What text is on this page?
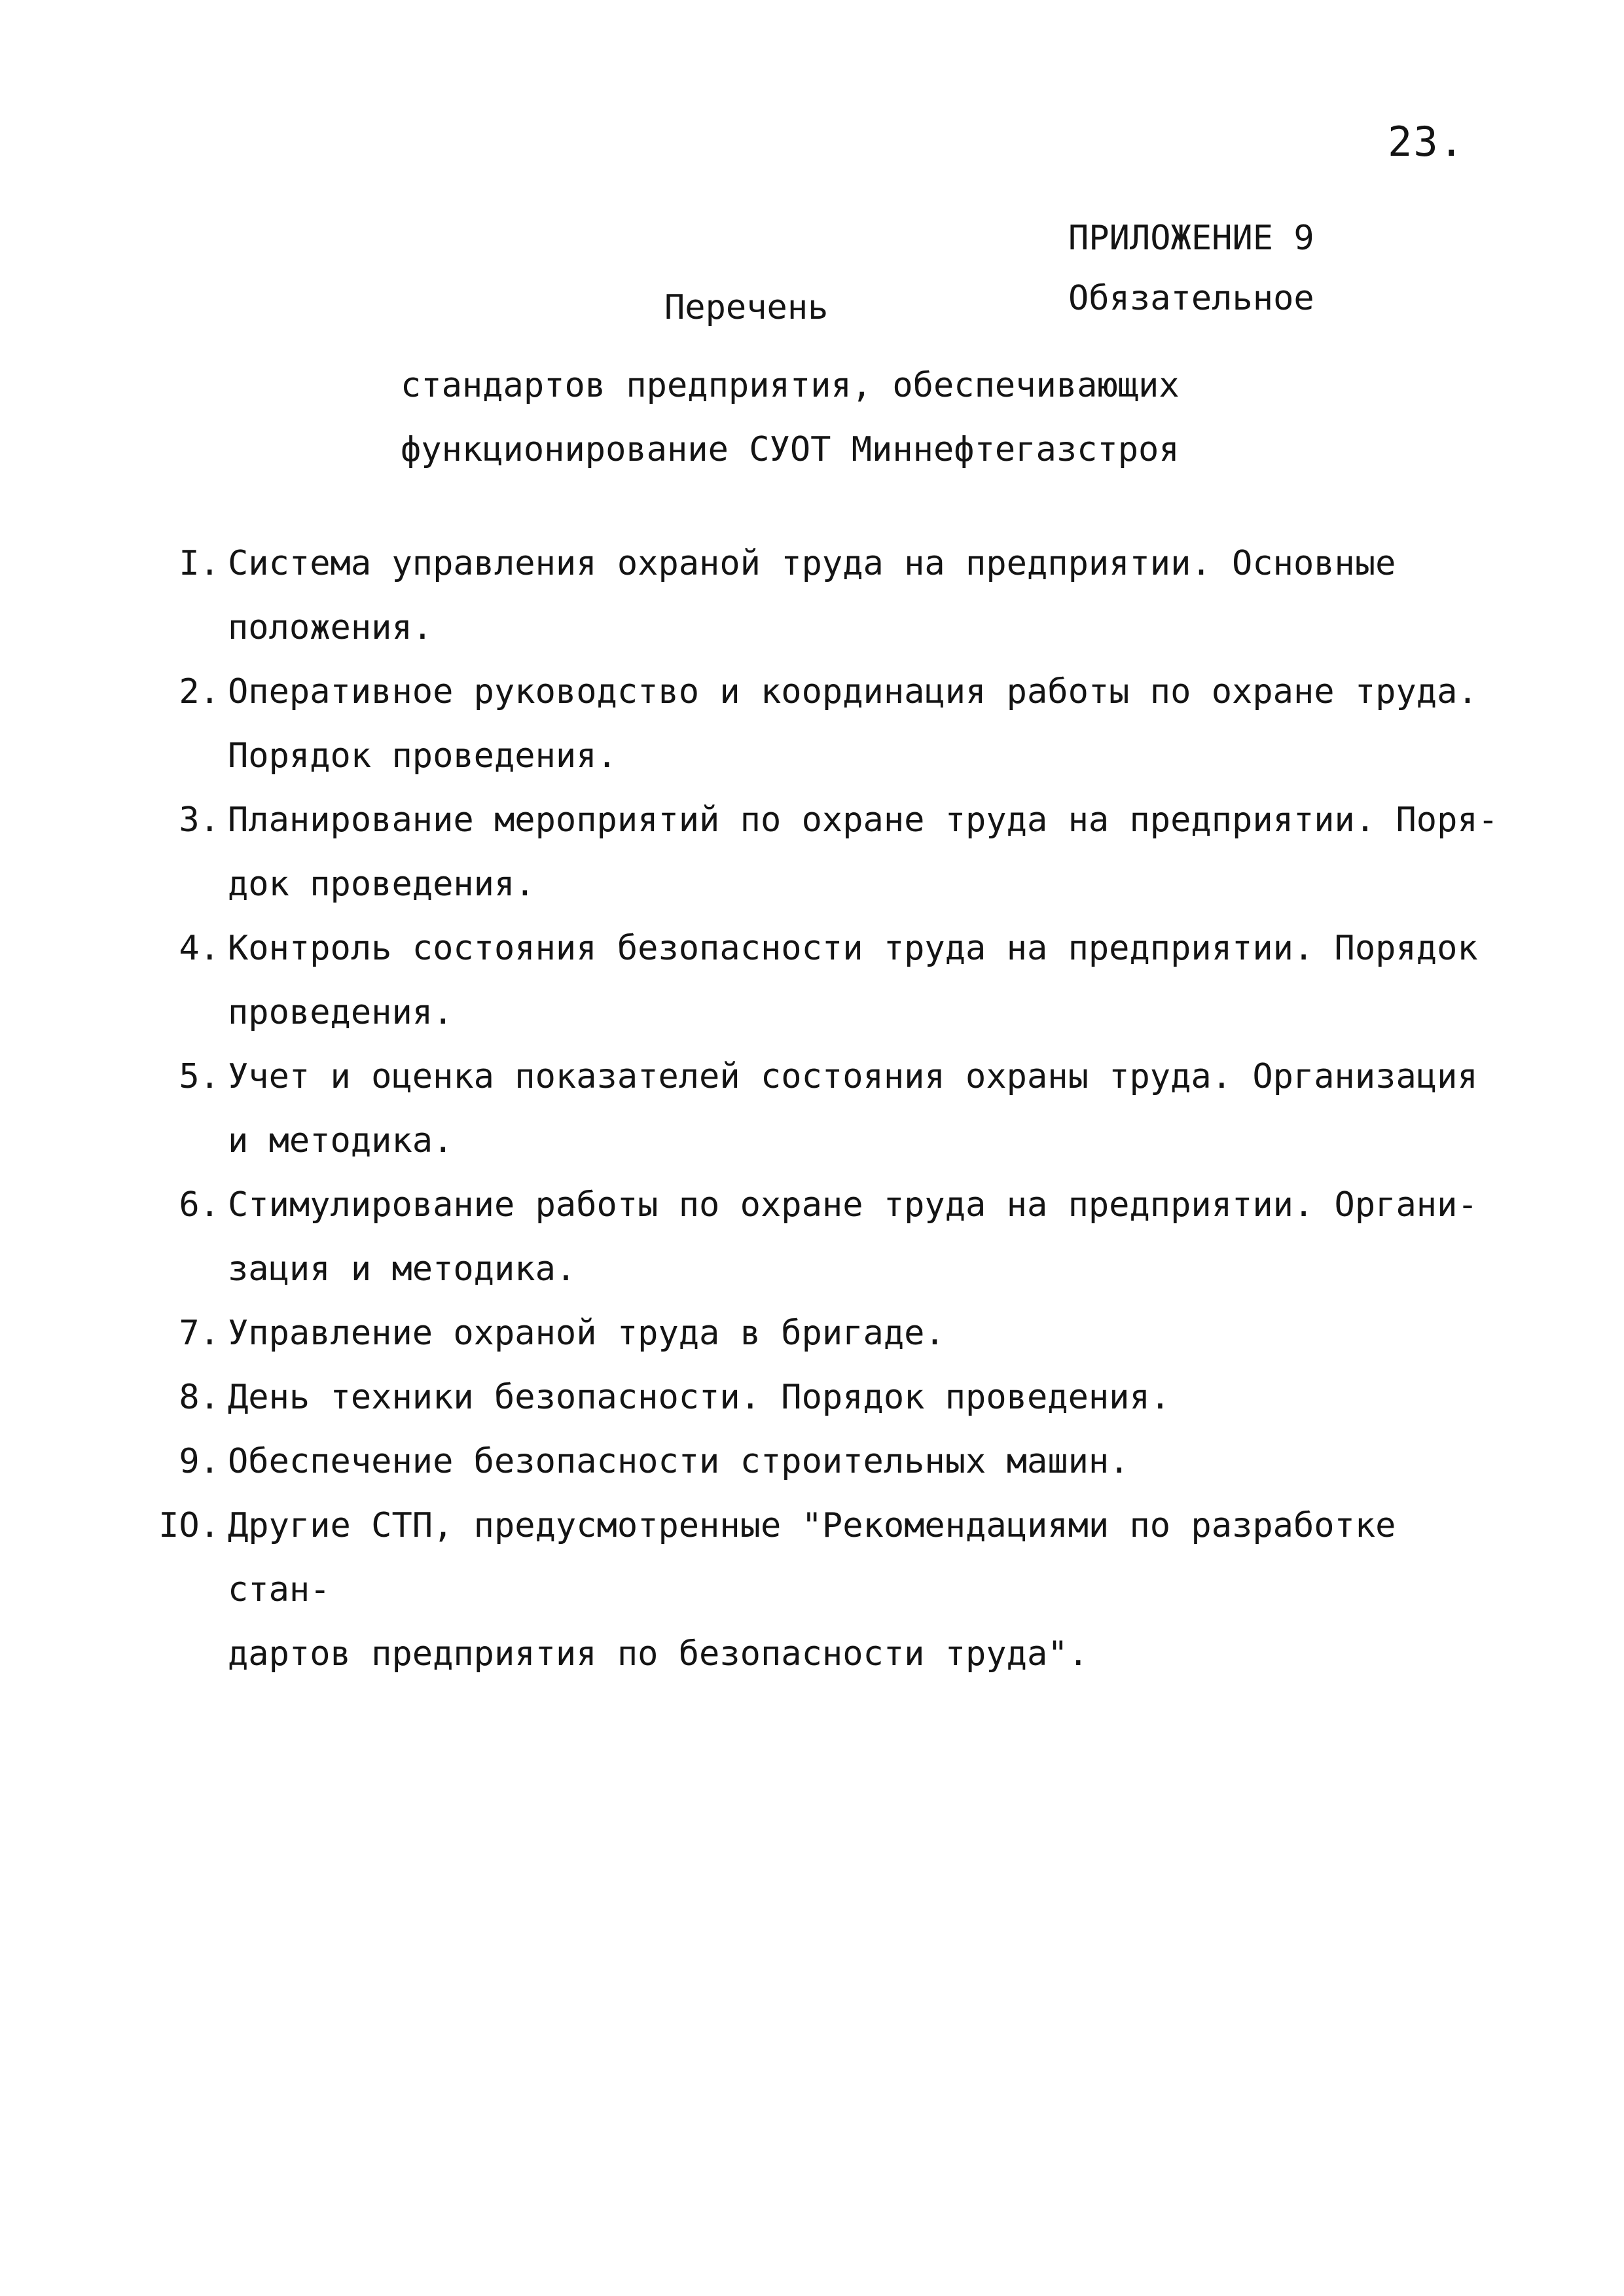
23.
ПРИЛОЖЕНИЕ 9
Обязательное
Перечень
стандартов предприятия, обеспечивающих
функционирование СУОТ Миннефтегазстроя
I. Система управления охраной труда на предприятии. Основные
положения.
2. Оперативное руководство и координация работы по охране труда.
Порядок проведения.
3. Планирование мероприятий по охране труда на предприятии. Поря-
док проведения.
4. Контроль состояния безопасности труда на предприятии. Порядок
проведения.
5. Учет и оценка показателей состояния охраны труда. Организация
и методика.
6. Стимулирование работы по охране труда на предприятии. Органи-
зация и методика.
7. Управление охраной труда в бригаде.
8. День техники безопасности. Порядок проведения.
9. Обеспечение безопасности строительных машин.
IO. Другие СТП, предусмотренные "Рекомендациями по разработке стан-
дартов предприятия по безопасности труда".
